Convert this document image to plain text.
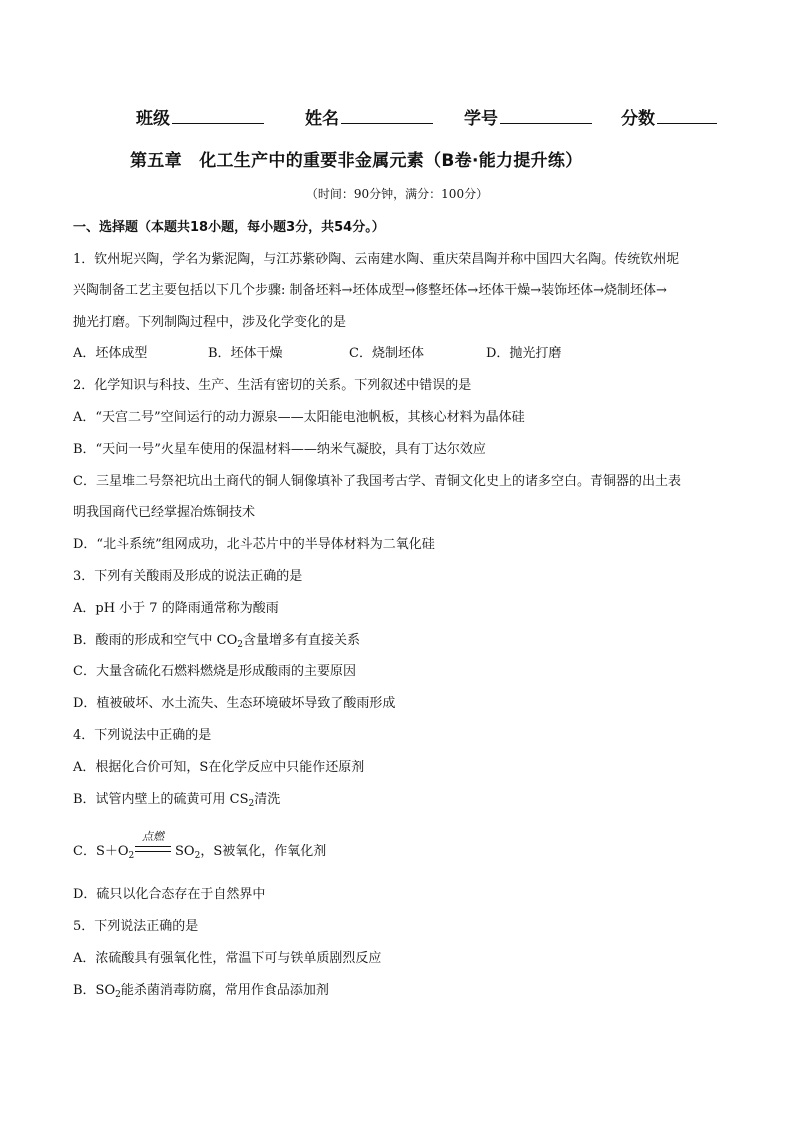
班级	姓名	学号	分数
第五章　化工生产中的重要非金属元素（B卷·能力提升练）
（时间：90分钟，满分：100分）
一、选择题（本题共18小题，每小题3分，共54分。）
1．钦州坭兴陶，学名为紫泥陶，与江苏紫砂陶、云南建水陶、重庆荣昌陶并称中国四大名陶。传统钦州坭
兴陶制备工艺主要包括以下几个步骤: 制备坯料→坯体成型→修整坯体→坯体干燥→装饰坯体→烧制坯体→
抛光打磨。下列制陶过程中，涉及化学变化的是
A．坯体成型	B．坯体干燥	C．烧制坯体	D．抛光打磨
2．化学知识与科技、生产、生活有密切的关系。下列叙述中错误的是
A．“天宫二号”空间运行的动力源泉——太阳能电池帆板，其核心材料为晶体硅
B．“天问一号”火星车使用的保温材料——纳米气凝胶，具有丁达尔效应
C．三星堆二号祭祀坑出土商代的铜人铜像填补了我国考古学、青铜文化史上的诸多空白。青铜器的出土表
明我国商代已经掌握冶炼铜技术
D．“北斗系统”组网成功，北斗芯片中的半导体材料为二氧化硅
3．下列有关酸雨及形成的说法正确的是
A．pH 小于 7 的降雨通常称为酸雨
B．酸雨的形成和空气中 $CO_2$含量增多有直接关系
C．大量含硫化石燃料燃烧是形成酸雨的主要原因
D．植被破坏、水土流失、生态环境破坏导致了酸雨形成
4．下列说法中正确的是
A．根据化合价可知，S在化学反应中只能作还原剂
B．试管内壁上的硫黄可用 $CS_2$清洗
C．$S+O_2$
点燃
$SO_2$，S被氧化，作氧化剂
D．硫只以化合态存在于自然界中
5．下列说法正确的是
A．浓硫酸具有强氧化性，常温下可与铁单质剧烈反应
B．$SO_2$能杀菌消毒防腐，常用作食品添加剂
